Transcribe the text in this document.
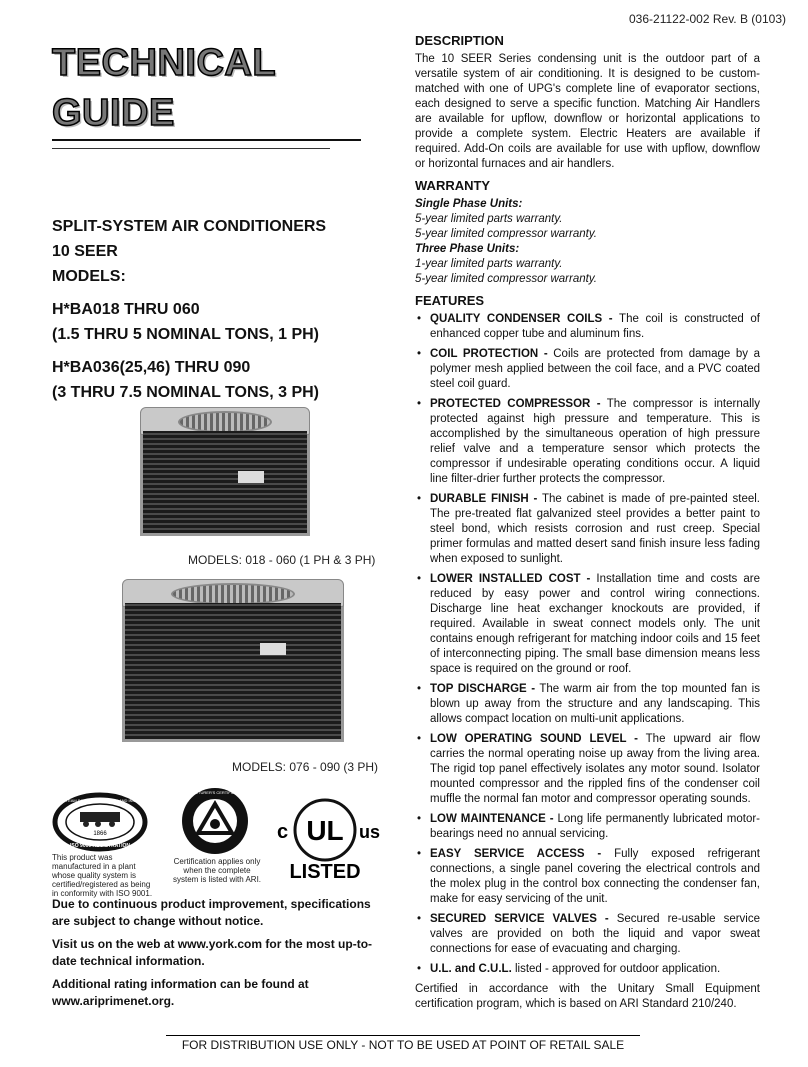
036-21122-002 Rev. B (0103)
TECHNICAL
GUIDE
SPLIT-SYSTEM AIR CONDITIONERS
10 SEER
MODELS:
H*BA018 THRU 060
(1.5 THRU 5 NOMINAL TONS, 1 PH)
H*BA036(25,46) THRU 090
(3 THRU 7.5 NOMINAL TONS, 3 PH)
MODELS: 018 - 060 (1 PH & 3 PH)
MODELS: 076 - 090 (3 PH)
1866
HARTFORD STEAM BOILER INSPECTION AND INSURANCE CO.
ISO 9000 REGISTRATION
This product was manufactured in a plant whose quality system is certified/registered as being in conformity with ISO 9001.
MANUFACTURER'S CERTIFIED TO ARI
Certification applies only when the complete system is listed with ARI.
UL
c	us
LISTED

Due to continuous product improvement, specifications are subject to change without notice.

Visit us on the web at www.york.com for the most up-to-date technical information.

Additional rating information can be found at www.ariprimenet.org.

DESCRIPTION

The 10 SEER Series condensing unit is the outdoor part of a versatile system of air conditioning. It is designed to be custom-matched with one of UPG's complete line of evaporator sections, each designed to serve a specific function. Matching Air Handlers are available for upflow, downflow or horizontal applications to provide a complete system. Electric Heaters are available if required. Add-On coils are available for use with upflow, downflow or horizontal furnaces and air handlers.

WARRANTY
Single Phase Units:
5-year limited parts warranty.
5-year limited compressor warranty.
Three Phase Units:
1-year limited parts warranty.
5-year limited compressor warranty.
FEATURES
• QUALITY CONDENSER COILS - The coil is constructed of enhanced copper tube and aluminum fins.
• COIL PROTECTION - Coils are protected from damage by a polymer mesh applied between the coil face, and a PVC coated steel coil guard.
• PROTECTED COMPRESSOR - The compressor is internally protected against high pressure and temperature. This is accomplished by the simultaneous operation of high pressure relief valve and a temperature sensor which protects the compressor if undesirable operating conditions occur. A liquid line filter-drier further protects the compressor.
• DURABLE FINISH - The cabinet is made of pre-painted steel. The pre-treated flat galvanized steel provides a better paint to steel bond, which resists corrosion and rust creep. Special primer formulas and matted desert sand finish insure less fading when exposed to sunlight.
• LOWER INSTALLED COST - Installation time and costs are reduced by easy power and control wiring connections. Discharge line heat exchanger knockouts are provided, if required. Available in sweat connect models only. The unit contains enough refrigerant for matching indoor coils and 15 feet of interconnecting piping. The small base dimension means less space is required on the ground or roof.
• TOP DISCHARGE - The warm air from the top mounted fan is blown up away from the structure and any landscaping. This allows compact location on multi-unit applications.
• LOW OPERATING SOUND LEVEL - The upward air flow carries the normal operating noise up away from the living area. The rigid top panel effectively isolates any motor sound. Isolator mounted compressor and the rippled fins of the condenser coil muffle the normal fan motor and compressor operating sounds.
• LOW MAINTENANCE - Long life permanently lubricated motor-bearings need no annual servicing.
• EASY SERVICE ACCESS - Fully exposed refrigerant connections, a single panel covering the electrical controls and the molex plug in the control box connecting the condenser fan, make for easy servicing of the unit.
• SECURED SERVICE VALVES - Secured re-usable service valves are provided on both the liquid and vapor sweat connections for ease of evacuating and charging.
• U.L. and C.U.L. listed - approved for outdoor application.

Certified in accordance with the Unitary Small Equipment certification program, which is based on ARI Standard 210/240.

FOR DISTRIBUTION USE ONLY - NOT TO BE USED AT POINT OF RETAIL SALE
